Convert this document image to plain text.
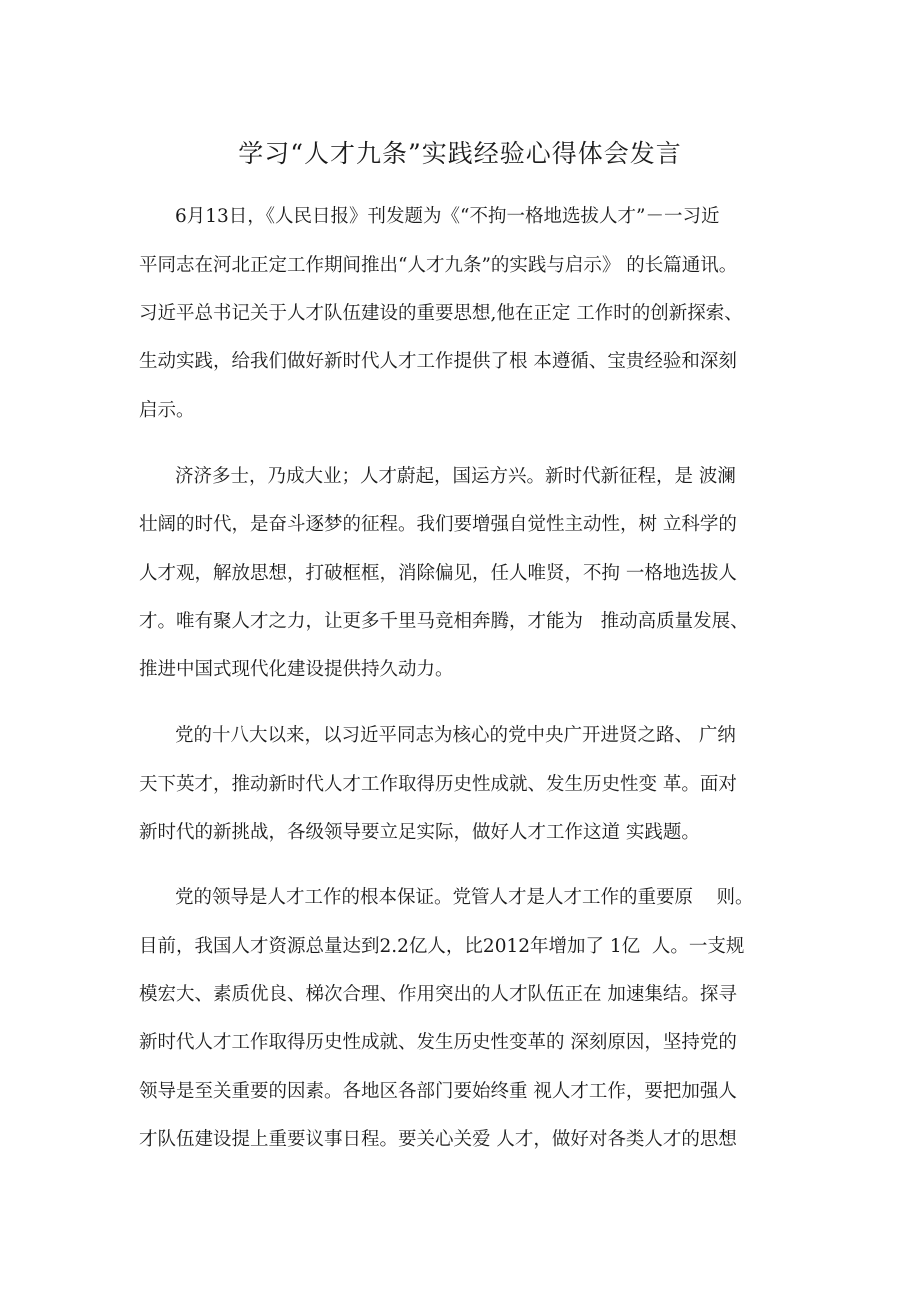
学习“人才九条”实践经验心得体会发言
6月13日，《人民日报》刊发题为《“不拘一格地选拔人才”－一习近
平同志在河北正定工作期间推出“人才九条”的实践与启示》 的长篇通讯。
习近平总书记关于人才队伍建设的重要思想,他在正定 工作时的创新探索、
生动实践，给我们做好新时代人才工作提供了根 本遵循、宝贵经验和深刻
启示。
济济多士，乃成大业；人才蔚起，国运方兴。新时代新征程，是 波澜
壮阔的时代，是奋斗逐梦的征程。我们要增强自觉性主动性，树 立科学的
人才观，解放思想，打破框框，消除偏见，任人唯贤，不拘 一格地选拔人
才。唯有聚人才之力，让更多千里马竞相奔腾，才能为   推动高质量发展、
推进中国式现代化建设提供持久动力。
党的十八大以来，以习近平同志为核心的党中央广开进贤之路、 广纳
天下英才，推动新时代人才工作取得历史性成就、发生历史性变 革。面对
新时代的新挑战，各级领导要立足实际，做好人才工作这道 实践题。
党的领导是人才工作的根本保证。党管人才是人才工作的重要原    则。
目前，我国人才资源总量达到2.2亿人，比2012年增加了 1亿  人。一支规
模宏大、素质优良、梯次合理、作用突出的人才队伍正在 加速集结。探寻
新时代人才工作取得历史性成就、发生历史性变革的 深刻原因，坚持党的
领导是至关重要的因素。各地区各部门要始终重 视人才工作，要把加强人
才队伍建设提上重要议事日程。要关心关爱 人才，做好对各类人才的思想
